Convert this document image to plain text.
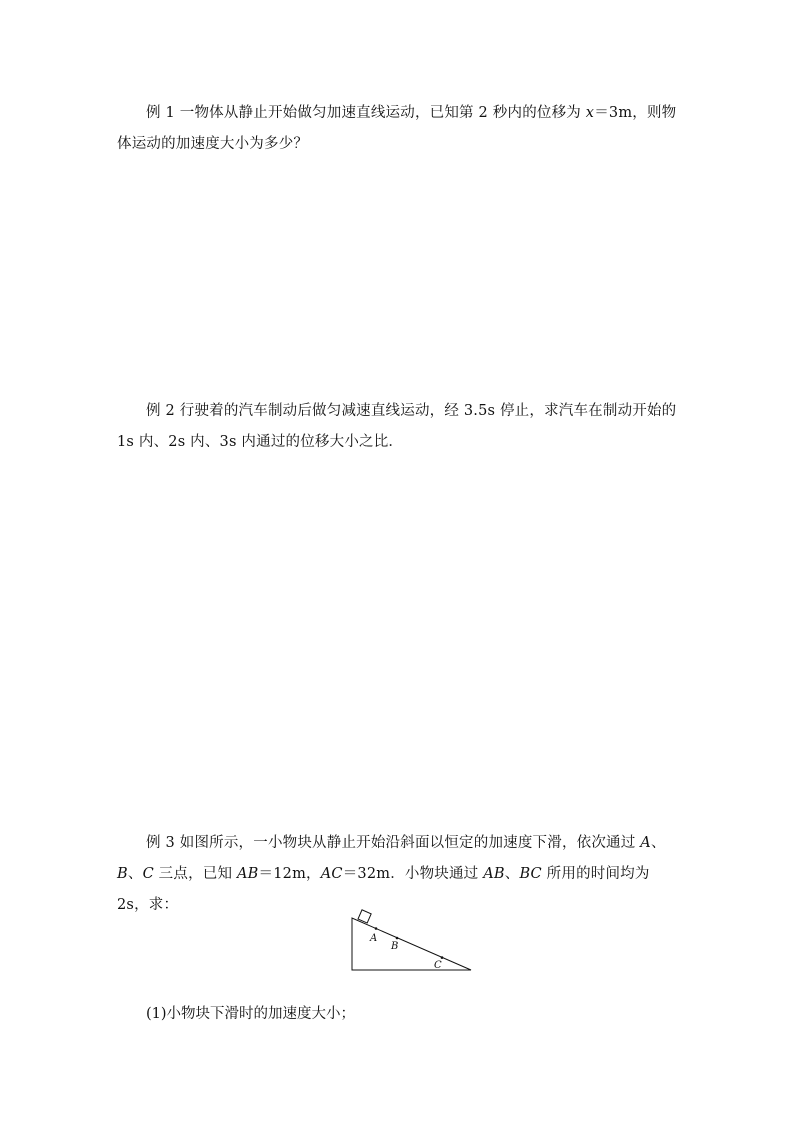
例 1 一物体从静止开始做匀加速直线运动，已知第 2 秒内的位移为 x＝3m，则物体运动的加速度大小为多少？

例 2 行驶着的汽车制动后做匀减速直线运动，经 3.5s 停止，求汽车在制动开始的 1s 内、2s 内、3s 内通过的位移大小之比．

例 3 如图所示，一小物块从静止开始沿斜面以恒定的加速度下滑，依次通过 A、B、C 三点，已知 AB＝12m，AC＝32m．小物块通过 AB、BC 所用的时间均为 2s，求：

A
B
C

(1)小物块下滑时的加速度大小；
